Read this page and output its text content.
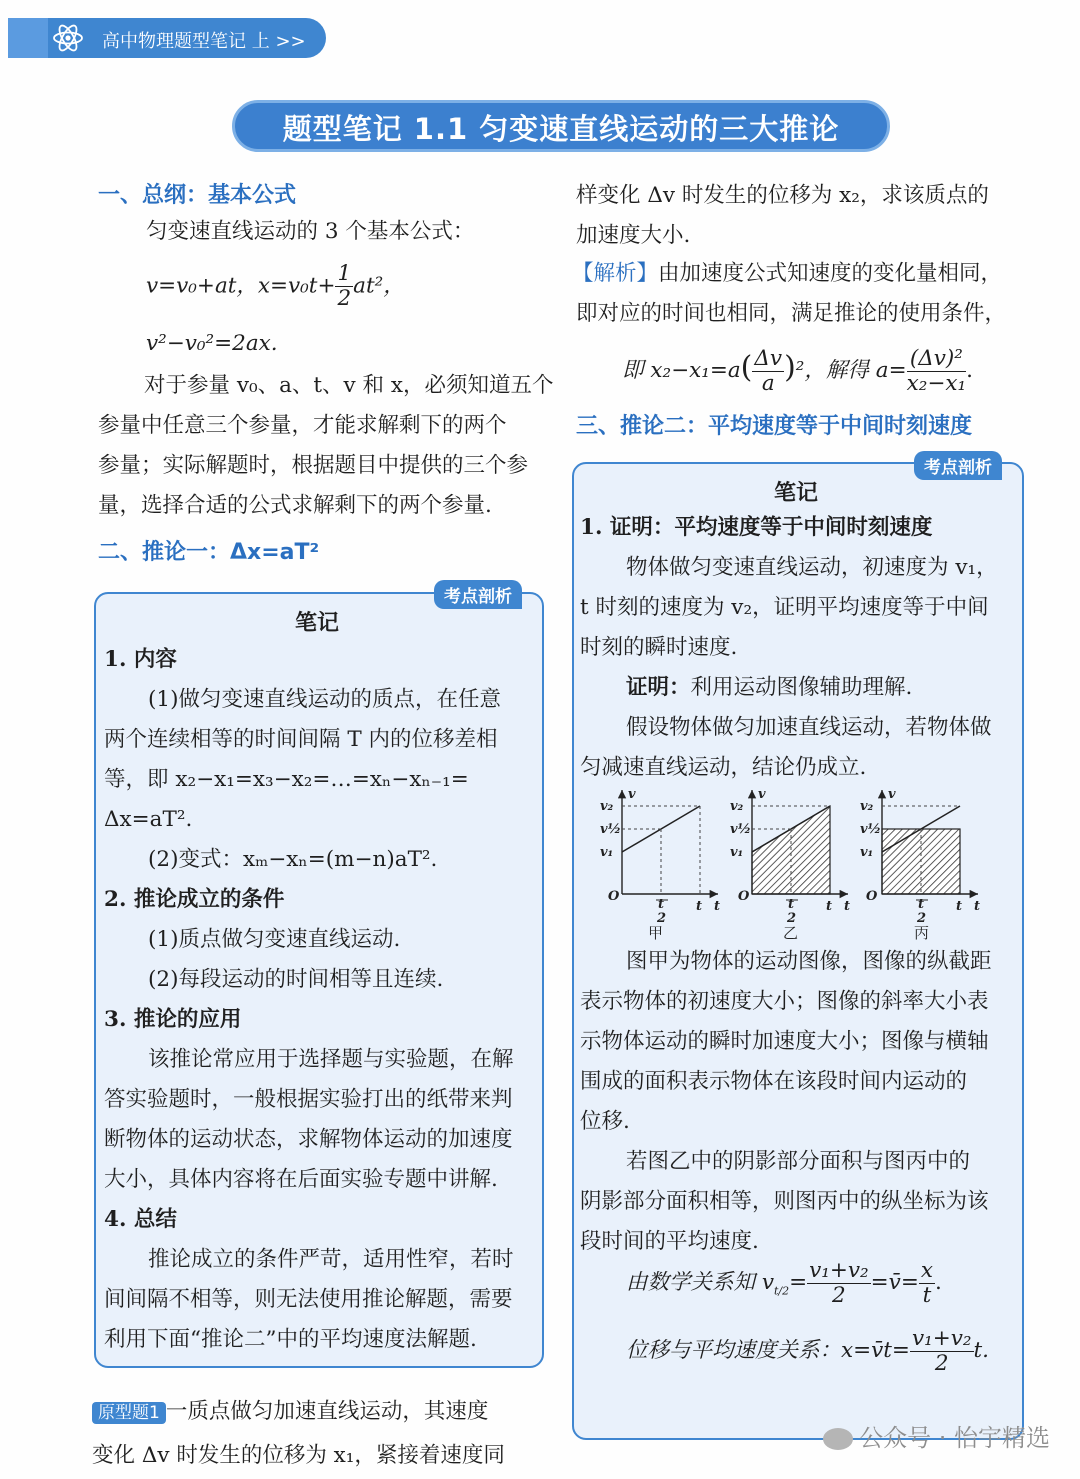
高中物理题型笔记 上 >>
题型笔记 1.1 匀变速直线运动的三大推论
一、总纲：基本公式
匀变速直线运动的 3 个基本公式：
v=v₀+at，$x=v_0t+ \frac{1}{2} at^2$，
v²−v₀²=2ax.
对于参量 v₀、a、t、v 和 x，必须知道五个
参量中任意三个参量，才能求解剩下的两个
参量；实际解题时，根据题目中提供的三个参
量，选择合适的公式求解剩下的两个参量.
二、推论一：Δx=aT²
考点剖析
笔记
1. 内容
(1)做匀变速直线运动的质点，在任意
两个连续相等的时间间隔 T 内的位移差相
等，即 x₂−x₁=x₃−x₂=…=xₙ−xₙ₋₁=
Δx=aT².
(2)变式：xₘ−xₙ=(m−n)aT².
2. 推论成立的条件
(1)质点做匀变速直线运动.
(2)每段运动的时间相等且连续.
3. 推论的应用
该推论常应用于选择题与实验题，在解
答实验题时，一般根据实验打出的纸带来判
断物体的运动状态，求解物体运动的加速度
大小，具体内容将在后面实验专题中讲解.
4. 总结
推论成立的条件严苛，适用性窄，若时
间间隔不相等，则无法使用推论解题，需要
利用下面“推论二”中的平均速度法解题.
原型题1 一质点做匀加速直线运动，其速度
变化 Δv 时发生的位移为 x₁，紧接着速度同
样变化 Δv 时发生的位移为 x₂，求该质点的
加速度大小.
【解析】由加速度公式知速度的变化量相同，
即对应的时间也相同，满足推论的使用条件，
即 $x_2-x_1=a( \frac{\Delta v}{a} )^2$，解得 $a= \frac{\text{(Δv)²}}{\text{x₂−x₁}}$ .
三、推论二：平均速度等于中间时刻速度
考点剖析
笔记
1. 证明：平均速度等于中间时刻速度
物体做匀变速直线运动，初速度为 v₁，
t 时刻的速度为 v₂，证明平均速度等于中间
时刻的瞬时速度.
证明：利用运动图像辅助理解.
假设物体做匀加速直线运动，若物体做
匀减速直线运动，结论仍成立.
v
v₂
v½
v₁
O
t t
t
2
v
v₂
v½
v₁
O
t t
t
2
v
v₂
v½
v₁
O
t t
t
2
甲	乙	丙
图甲为物体的运动图像，图像的纵截距
表示物体的初速度大小；图像的斜率大小表
示物体运动的瞬时加速度大小；图像与横轴
围成的面积表示物体在该段时间内运动的
位移.
若图乙中的阴影部分面积与图丙中的
阴影部分面积相等，则图丙中的纵坐标为该
段时间的平均速度.
由数学关系知 $v_{t/2}= \frac{\text{v₁+v₂}}{2}$ =v̄= $\frac{x}{t}$ .
位移与平均速度关系：x=v̄t= $\frac{\text{v₁+v₂}}{2} t$.
公众号 · 怡宇精选
